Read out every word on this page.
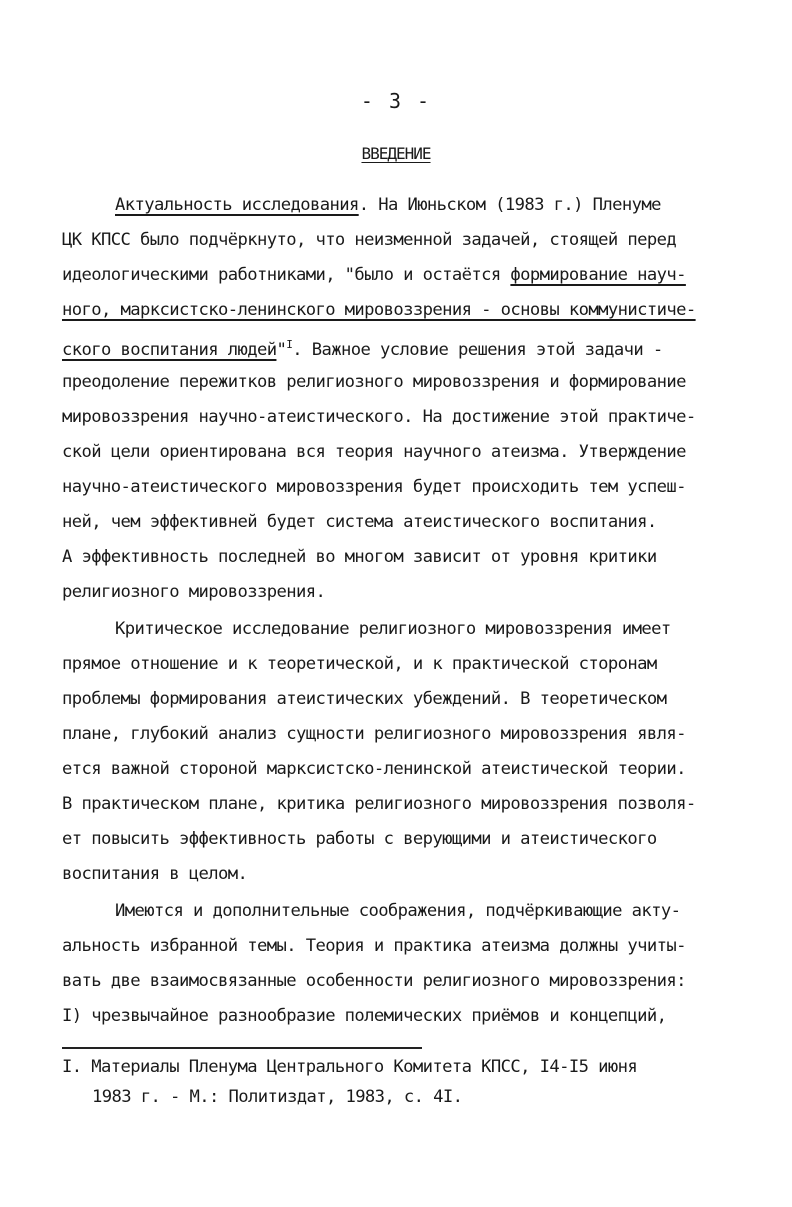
- 3 -
ВВЕДЕНИЕ
Актуальность исследования. На Июньском (1983 г.) Пленуме
ЦК КПСС было подчёркнуто, что неизменной задачей, стоящей перед
идеологическими работниками, "было и остаётся формирование науч-
ного, марксистско-ленинского мировоззрения - основы коммунистиче-
ского воспитания людей"$^I$. Важное условие решения этой задачи -
преодоление пережитков религиозного мировоззрения и формирование
мировоззрения научно-атеистического. На достижение этой практиче-
ской цели ориентирована вся теория научного атеизма. Утверждение
научно-атеистического мировоззрения будет происходить тем успеш-
ней, чем эффективней будет система атеистического воспитания.
А эффективность последней во многом зависит от уровня критики
религиозного мировоззрения.
Критическое исследование религиозного мировоззрения имеет
прямое отношение и к теоретической, и к практической сторонам
проблемы формирования атеистических убеждений. В теоретическом
плане, глубокий анализ сущности религиозного мировоззрения явля-
ется важной стороной марксистско-ленинской атеистической теории.
В практическом плане, критика религиозного мировоззрения позволя-
ет повысить эффективность работы с верующими и атеистического
воспитания в целом.
Имеются и дополнительные соображения, подчёркивающие акту-
альность избранной темы. Теория и практика атеизма должны учиты-
вать две взаимосвязанные особенности религиозного мировоззрения:
I) чрезвычайное разнообразие полемических приёмов и концепций,
I. Материалы Пленума Центрального Комитета КПСС, I4-I5 июня
1983 г. - М.: Политиздат, 1983, с. 4I.
